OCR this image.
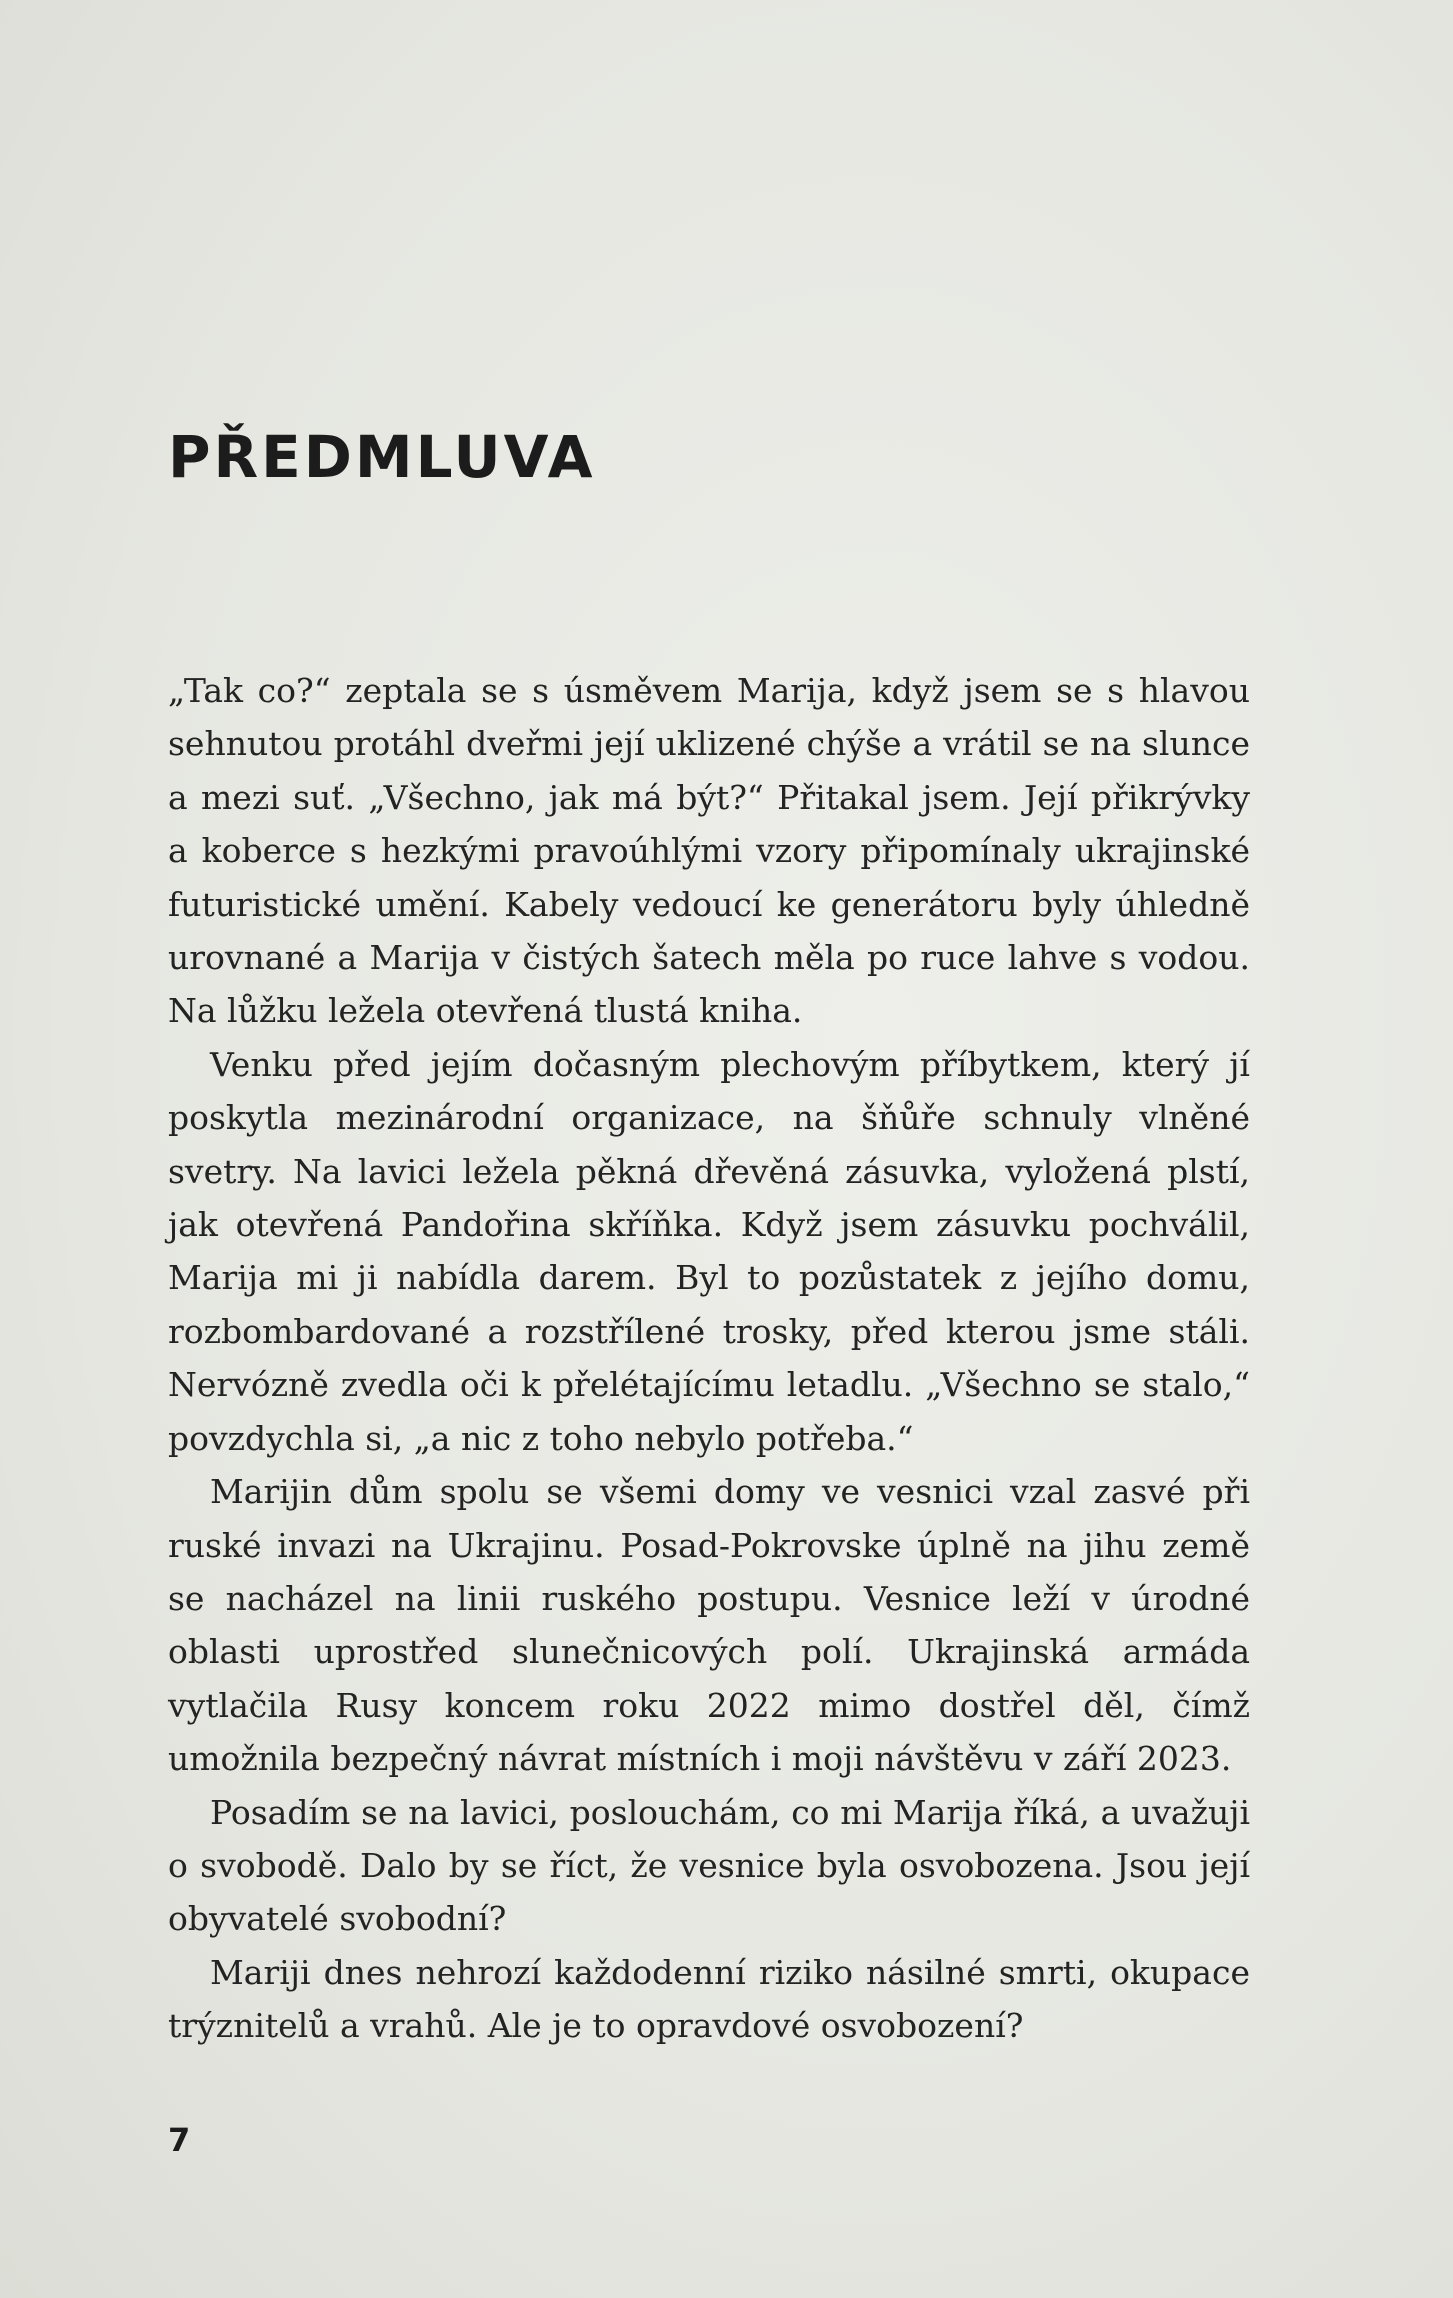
PŘEDMLUVA

„Tak co?“ zeptala se s úsměvem Marija, když jsem se s hlavou sehnutou protáhl dveřmi její uklizené chýše a vrátil se na slunce a mezi suť. „Všechno, jak má být?“ Přitakal jsem. Její přikrývky a koberce s hezkými pravoúhlými vzory připomínaly ukrajinské futuristické umění. Kabely vedoucí ke generátoru byly úhledně urovnané a Marija v čistých šatech měla po ruce lahve s vodou. Na lůžku ležela otevřená tlustá kniha.

Venku před jejím dočasným plechovým příbytkem, který jí poskytla mezinárodní organizace, na šňůře schnuly vlněné svetry. Na lavici ležela pěkná dřevěná zásuvka, vyložená plstí, jak otevřená Pandořina skříňka. Když jsem zásuvku pochválil, Marija mi ji nabídla darem. Byl to pozůstatek z jejího domu, rozbombardované a rozstřílené trosky, před kterou jsme stáli. Nervózně zvedla oči k přelétajícímu letadlu. „Všechno se stalo,“ povzdychla si, „a nic z toho nebylo potřeba.“

Marijin dům spolu se všemi domy ve vesnici vzal zasvé při ruské invazi na Ukrajinu. Posad-Pokrovske úplně na jihu země se nacházel na linii ruského postupu. Vesnice leží v úrodné oblasti uprostřed slunečnicových polí. Ukrajinská armáda vytlačila Rusy koncem roku 2022 mimo dostřel děl, čímž umožnila bezpečný návrat místních i moji návštěvu v září 2023.

Posadím se na lavici, poslouchám, co mi Marija říká, a uvažuji o svobodě. Dalo by se říct, že vesnice byla osvobozena. Jsou její obyvatelé svobodní?

Mariji dnes nehrozí každodenní riziko násilné smrti, okupace trýznitelů a vrahů. Ale je to opravdové osvobození?

7
